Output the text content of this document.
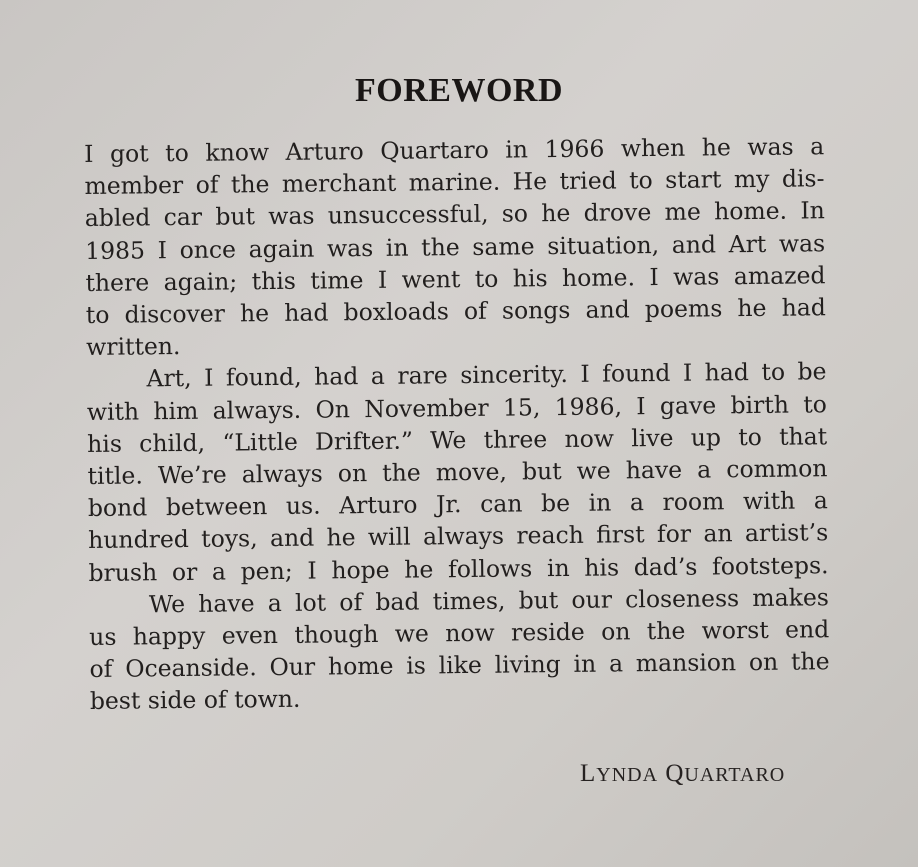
FOREWORD
I got to know Arturo Quartaro in 1966 when he was a
member of the merchant marine. He tried to start my dis-
abled car but was unsuccessful, so he drove me home. In
1985 I once again was in the same situation, and Art was
there again; this time I went to his home. I was amazed
to discover he had boxloads of songs and poems he had
written.
Art, I found, had a rare sincerity. I found I had to be
with him always. On November 15, 1986, I gave birth to
his child, “Little Drifter.” We three now live up to that
title. We’re always on the move, but we have a common
bond between us. Arturo Jr. can be in a room with a
hundred toys, and he will always reach first for an artist’s
brush or a pen; I hope he follows in his dad’s footsteps.
We have a lot of bad times, but our closeness makes
us happy even though we now reside on the worst end
of Oceanside. Our home is like living in a mansion on the
best side of town.
LYNDA QUARTARO
